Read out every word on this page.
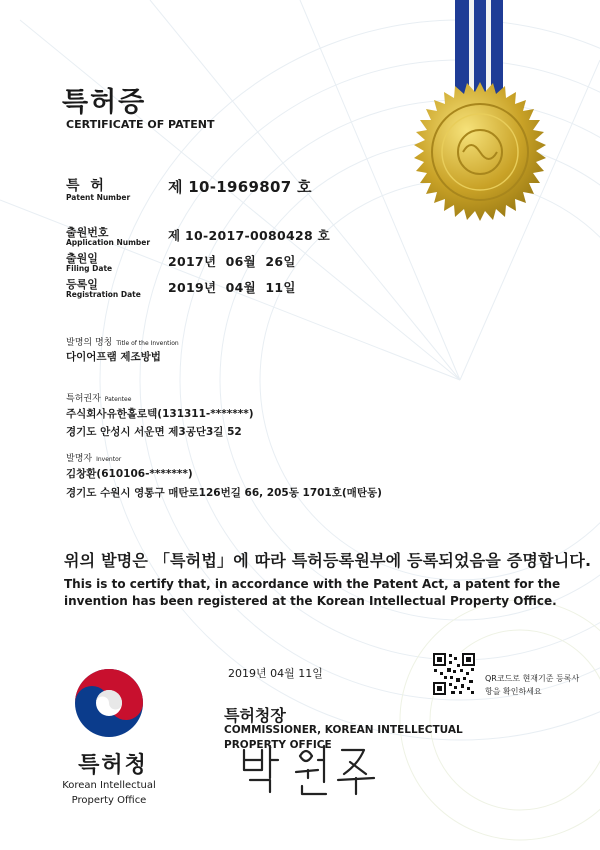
특허증
CERTIFICATE OF PATENT
특 허
Patent Number
제 10-1969807 호
출원번호
Application Number 제 10-2017-0080428 호
출원일
Filing Date	2017년  06월  26일
등록일
Registration Date 2019년  04월  11일
발명의 명칭 Title of the Invention
다이어프램 제조방법
특허권자 Patentee
주식회사유한홀로텍(131311-*******)
경기도 안성시 서운면 제3공단3길 52
발명자 Inventor
김창환(610106-*******)
경기도 수원시 영통구 매탄로126번길 66, 205동 1701호(매탄동)
위의 발명은 「특허법」에 따라 특허등록원부에 등록되었음을 증명합니다.
This is to certify that, in accordance with the Patent Act, a patent for the invention has been registered at the Korean Intellectual Property Office.
2019년 04월 11일	QR코드로 현재기준 등록사항을 확인하세요
특허청장
COMMISSIONER, KOREAN INTELLECTUAL PROPERTY OFFICE
특허청
Korean Intellectual Property Office
